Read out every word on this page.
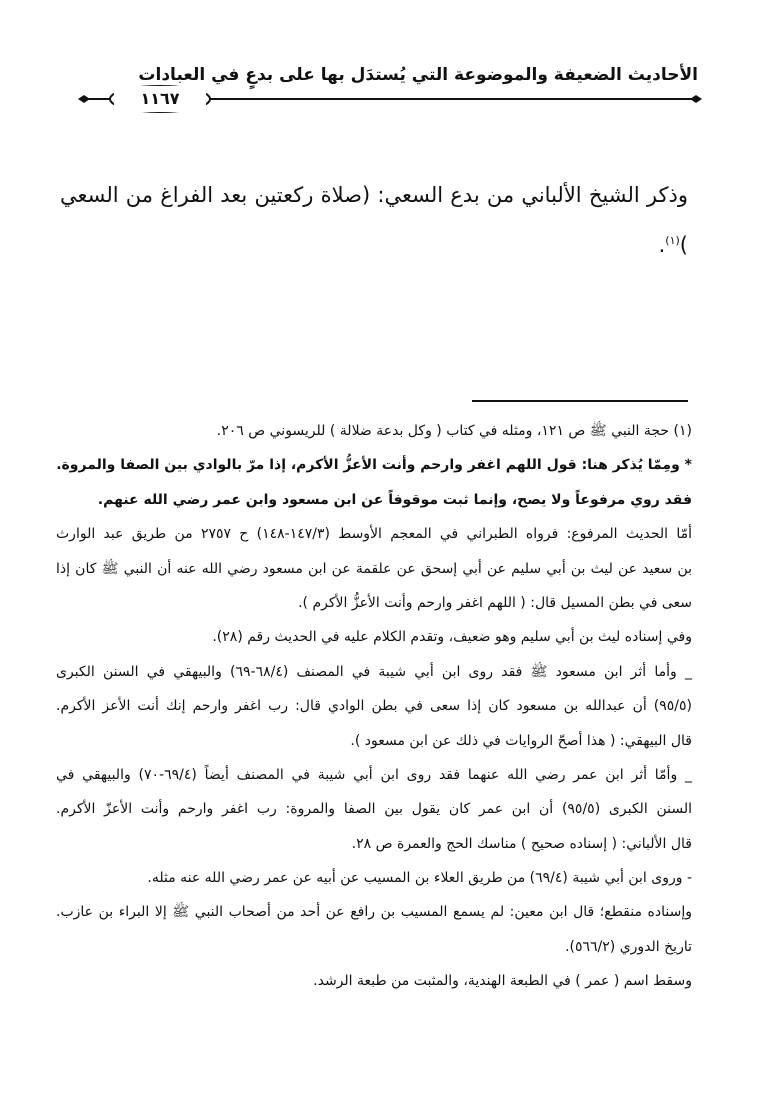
الأحاديث الضعيفة والموضوعة التي يُستدَل بها على بدعٍ في العبادات
١١٦٧
وذكر الشيخ الألباني من بدع السعي: (صلاة ركعتين بعد الفراغ من السعي )$^{(١)}$.
(١) حجة النبي ﷺ ص ١٢١، ومثله في كتاب ( وكل بدعة ضلالة ) للريسوني ص ٢٠٦.
* ومِمّا يُذكر هنا: قول اللهم اغفر وارحم وأنت الأعزُّ الأكرم، إذا مرّ بالوادي بين الصفا والمروة.
فقد روي مرفوعاً ولا يصح، وإنما ثبت موقوفاً عن ابن مسعود وابن عمر رضي الله عنهم.
أمّا الحديث المرفوع: فرواه الطبراني في المعجم الأوسط (١٤٧/٣-١٤٨) ح ٢٧٥٧ من طريق عبد الوارث
بن سعيد عن ليث بن أبي سليم عن أبي إسحق عن علقمة عن ابن مسعود رضي الله عنه أن النبي ﷺ كان إذا
سعى في بطن المسيل قال: ( اللهم اغفر وارحم وأنت الأعزُّ الأكرم ).
وفي إسناده ليث بن أبي سليم وهو ضعيف، وتقدم الكلام عليه في الحديث رقم (٢٨).
_ وأما أثر ابن مسعود ﷺ فقد روى ابن أبي شيبة في المصنف (٦٨/٤-٦٩) والبيهقي في السنن الكبرى
(٩٥/٥) أن عبدالله بن مسعود كان إذا سعى في بطن الوادي قال: رب اغفر وارحم إنك أنت الأعز الأكرم.
قال البيهقي: ( هذا أصحّ الروايات في ذلك عن ابن مسعود ).
_ وأمّا أثر ابن عمر رضي الله عنهما فقد روى ابن أبي شيبة في المصنف أيضاً (٦٩/٤-٧٠) والبيهقي في
السنن الكبرى (٩٥/٥) أن ابن عمر كان يقول بين الصفا والمروة: رب اغفر وارحم وأنت الأعزّ الأكرم.
قال الألباني: ( إسناده صحيح ) مناسك الحج والعمرة ص ٢٨.
- وروى ابن أبي شيبة (٦٩/٤) من طريق العلاء بن المسيب عن أبيه عن عمر رضي الله عنه مثله.
وإسناده منقطع؛ قال ابن معين: لم يسمع المسيب بن رافع عن أحد من أصحاب النبي ﷺ إلا البراء بن عازب.
تاريخ الدوري (٥٦٦/٢).
وسقط اسم ( عمر ) في الطبعة الهندية، والمثبت من طبعة الرشد.
